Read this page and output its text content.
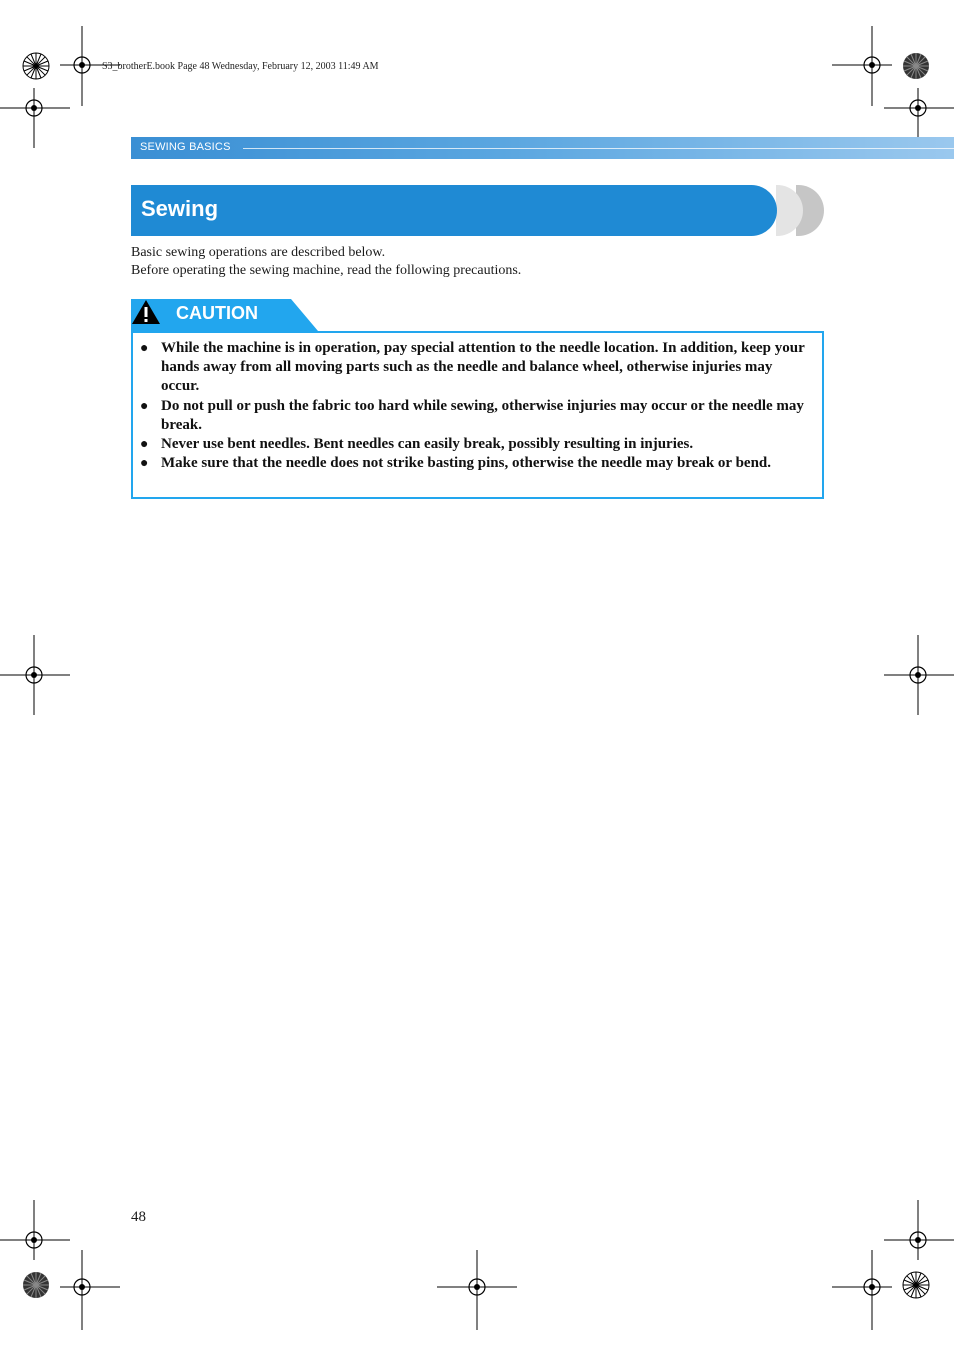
S3_brotherE.book Page 48 Wednesday, February 12, 2003 11:49 AM
SEWING BASICS
Sewing
Basic sewing operations are described below.
Before operating the sewing machine, read the following precautions.
CAUTION
● While the machine is in operation, pay special attention to the needle location. In addition, keep your hands away from all moving parts such as the needle and balance wheel, otherwise injuries may occur.
● Do not pull or push the fabric too hard while sewing, otherwise injuries may occur or the needle may break.
● Never use bent needles. Bent needles can easily break, possibly resulting in injuries.
● Make sure that the needle does not strike basting pins, otherwise the needle may break or bend.
48
